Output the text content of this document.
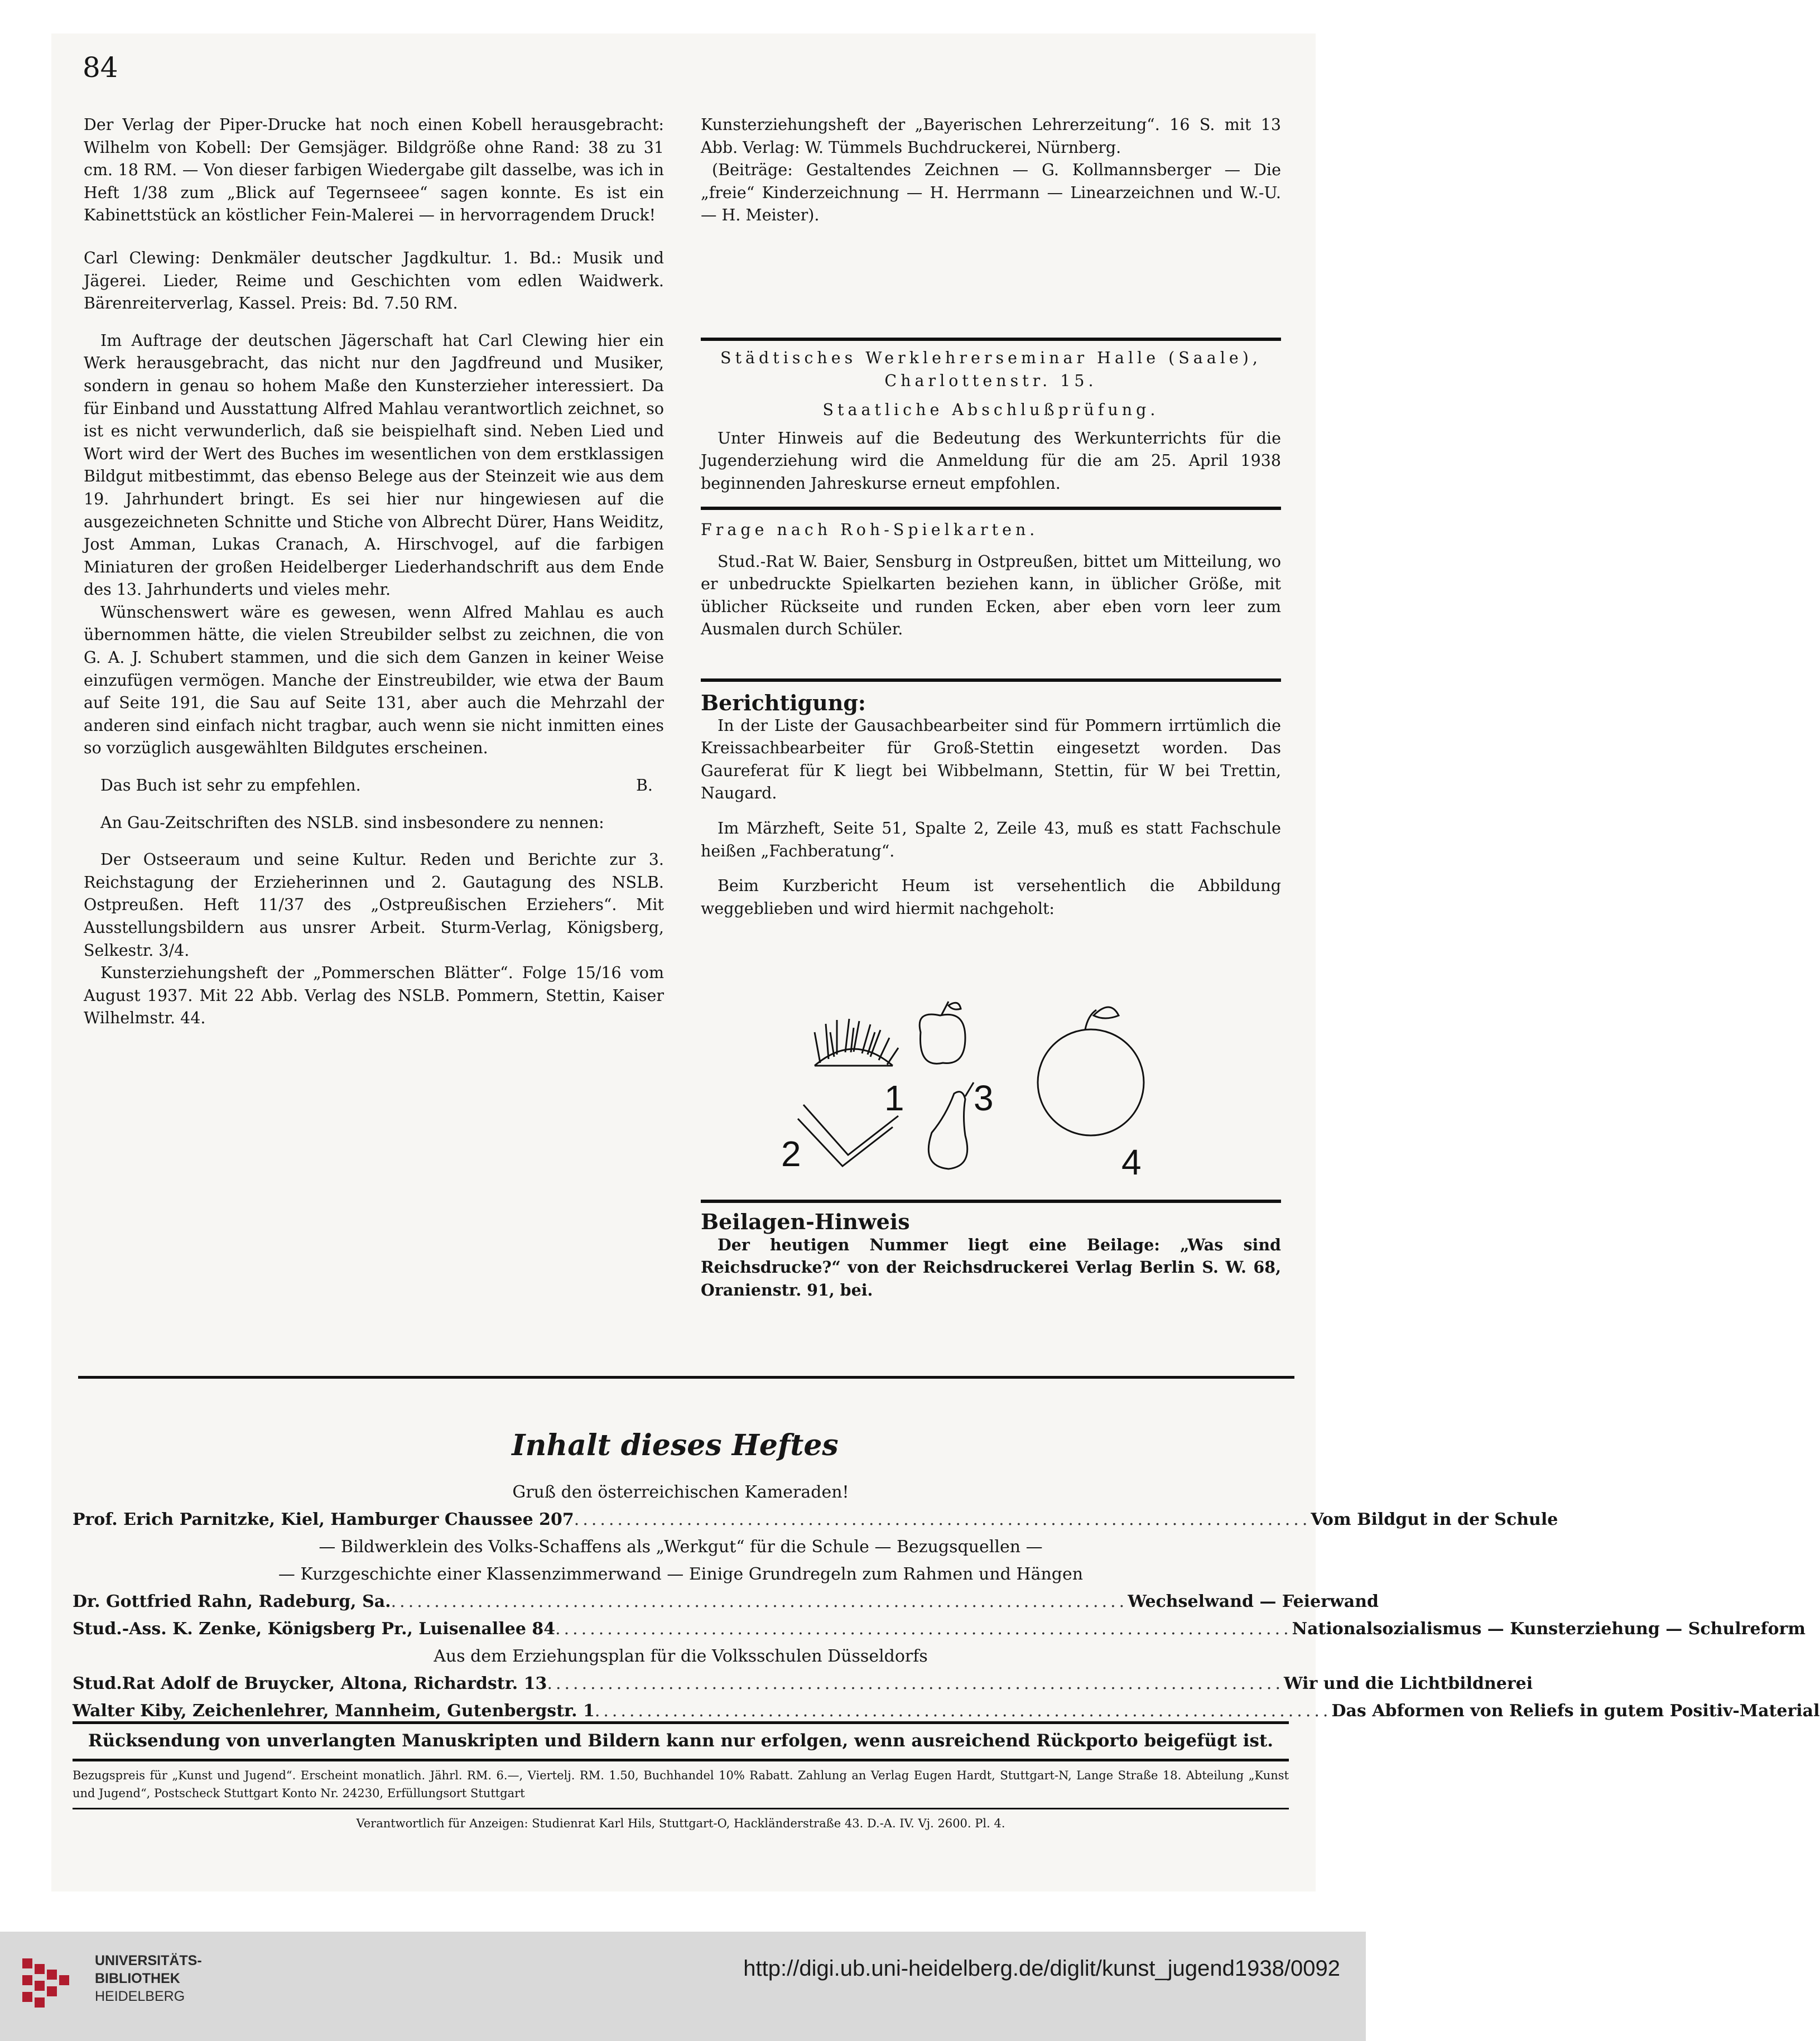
84

Der Verlag der Piper-Drucke hat noch einen Kobell herausgebracht: Wilhelm von Kobell: Der Gemsjäger. Bildgröße ohne Rand: 38 zu 31 cm. 18 RM. — Von dieser farbigen Wiedergabe gilt dasselbe, was ich in Heft 1/38 zum „Blick auf Tegernseee“ sagen konnte. Es ist ein Kabinettstück an köstlicher Fein-Malerei — in hervorragendem Druck!

Carl Clewing: Denkmäler deutscher Jagdkultur. 1. Bd.: Musik und Jägerei. Lieder, Reime und Geschichten vom edlen Waidwerk. Bärenreiterverlag, Kassel. Preis: Bd. 7.50 RM.

Im Auftrage der deutschen Jägerschaft hat Carl Clewing hier ein Werk herausgebracht, das nicht nur den Jagdfreund und Musiker, sondern in genau so hohem Maße den Kunsterzieher interessiert. Da für Einband und Ausstattung Alfred Mahlau verantwortlich zeichnet, so ist es nicht verwunderlich, daß sie beispielhaft sind. Neben Lied und Wort wird der Wert des Buches im wesentlichen von dem erstklassigen Bildgut mitbestimmt, das ebenso Belege aus der Steinzeit wie aus dem 19. Jahrhundert bringt. Es sei hier nur hingewiesen auf die ausgezeichneten Schnitte und Stiche von Albrecht Dürer, Hans Weiditz, Jost Amman, Lukas Cranach, A. Hirschvogel, auf die farbigen Miniaturen der großen Heidelberger Liederhandschrift aus dem Ende des 13. Jahrhunderts und vieles mehr.

Wünschenswert wäre es gewesen, wenn Alfred Mahlau es auch übernommen hätte, die vielen Streubilder selbst zu zeichnen, die von G. A. J. Schubert stammen, und die sich dem Ganzen in keiner Weise einzufügen vermögen. Manche der Einstreubilder, wie etwa der Baum auf Seite 191, die Sau auf Seite 131, aber auch die Mehrzahl der anderen sind einfach nicht tragbar, auch wenn sie nicht inmitten eines so vorzüglich ausgewählten Bildgutes erscheinen.

Das Buch ist sehr zu empfehlen.	B.

An Gau-Zeitschriften des NSLB. sind insbesondere zu nennen:

Der Ostseeraum und seine Kultur. Reden und Berichte zur 3. Reichstagung der Erzieherinnen und 2. Gautagung des NSLB. Ostpreußen. Heft 11/37 des „Ostpreußischen Erziehers“. Mit Ausstellungsbildern aus unsrer Arbeit. Sturm-Verlag, Königsberg, Selkestr. 3/4.

Kunsterziehungsheft der „Pommerschen Blätter“. Folge 15/16 vom August 1937. Mit 22 Abb. Verlag des NSLB. Pommern, Stettin, Kaiser Wilhelmstr. 44.

Kunsterziehungsheft der „Bayerischen Lehrerzeitung“. 16 S. mit 13 Abb. Verlag: W. Tümmels Buchdruckerei, Nürnberg.

(Beiträge: Gestaltendes Zeichnen — G. Kollmannsberger — Die „freie“ Kinderzeichnung — H. Herrmann — Linearzeichnen und W.-U. — H. Meister).

Städtisches Werklehrerseminar Halle (Saale), Charlottenstr. 15.

Staatliche Abschlußprüfung.

Unter Hinweis auf die Bedeutung des Werkunterrichts für die Jugenderziehung wird die Anmeldung für die am 25. April 1938 beginnenden Jahreskurse erneut empfohlen.

Frage nach Roh-Spielkarten.

Stud.-Rat W. Baier, Sensburg in Ostpreußen, bittet um Mitteilung, wo er unbedruckte Spielkarten beziehen kann, in üblicher Größe, mit üblicher Rückseite und runden Ecken, aber eben vorn leer zum Ausmalen durch Schüler.

Berichtigung:

In der Liste der Gausachbearbeiter sind für Pommern irrtümlich die Kreissachbearbeiter für Groß-Stettin eingesetzt worden. Das Gaureferat für K liegt bei Wibbelmann, Stettin, für W bei Trettin, Naugard.

Im Märzheft, Seite 51, Spalte 2, Zeile 43, muß es statt Fachschule heißen „Fachberatung“.

Beim Kurzbericht Heum ist versehentlich die Abbildung weggeblieben und wird hiermit nachgeholt:

1
2
3
4

Beilagen-Hinweis

Der heutigen Nummer liegt eine Beilage: „Was sind Reichsdrucke?“ von der Reichsdruckerei Verlag Berlin S. W. 68, Oranienstr. 91, bei.

Inhalt dieses Heftes
Gruß den österreichischen Kameraden!
Prof. Erich Parnitzke, Kiel, Hamburger Chaussee 207 ..................................................................................... Vom Bildgut in der Schule
— Bildwerklein des Volks-Schaffens als „Werkgut“ für die Schule — Bezugsquellen —
— Kurzgeschichte einer Klassenzimmerwand — Einige Grundregeln zum Rahmen und Hängen
Dr. Gottfried Rahn, Radeburg, Sa. ..................................................................................... Wechselwand — Feierwand
Stud.-Ass. K. Zenke, Königsberg Pr., Luisenallee 84 ..................................................................................... Nationalsozialismus — Kunsterziehung — Schulreform
Aus dem Erziehungsplan für die Volksschulen Düsseldorfs
Stud.Rat Adolf de Bruycker, Altona, Richardstr. 13 ..................................................................................... Wir und die Lichtbildnerei
Walter Kiby, Zeichenlehrer, Mannheim, Gutenbergstr. 1 ..................................................................................... Das Abformen von Reliefs in gutem Positiv-Material
Rücksendung von unverlangten Manuskripten und Bildern kann nur erfolgen, wenn ausreichend Rückporto beigefügt ist.
Bezugspreis für „Kunst und Jugend“. Erscheint monatlich. Jährl. RM. 6.—, Viertelj. RM. 1.50, Buchhandel 10% Rabatt. Zahlung an Verlag Eugen Hardt, Stuttgart-N, Lange Straße 18. Abteilung „Kunst und Jugend“, Postscheck Stuttgart Konto Nr. 24230, Erfüllungsort Stuttgart
Verantwortlich für Anzeigen: Studienrat Karl Hils, Stuttgart-O, Hackländerstraße 43. D.-A. IV. Vj. 2600. Pl. 4.
UNIVERSITÄTS-
BIBLIOTHEK
HEIDELBERG
http://digi.ub.uni-heidelberg.de/diglit/kunst_jugend1938/0092
